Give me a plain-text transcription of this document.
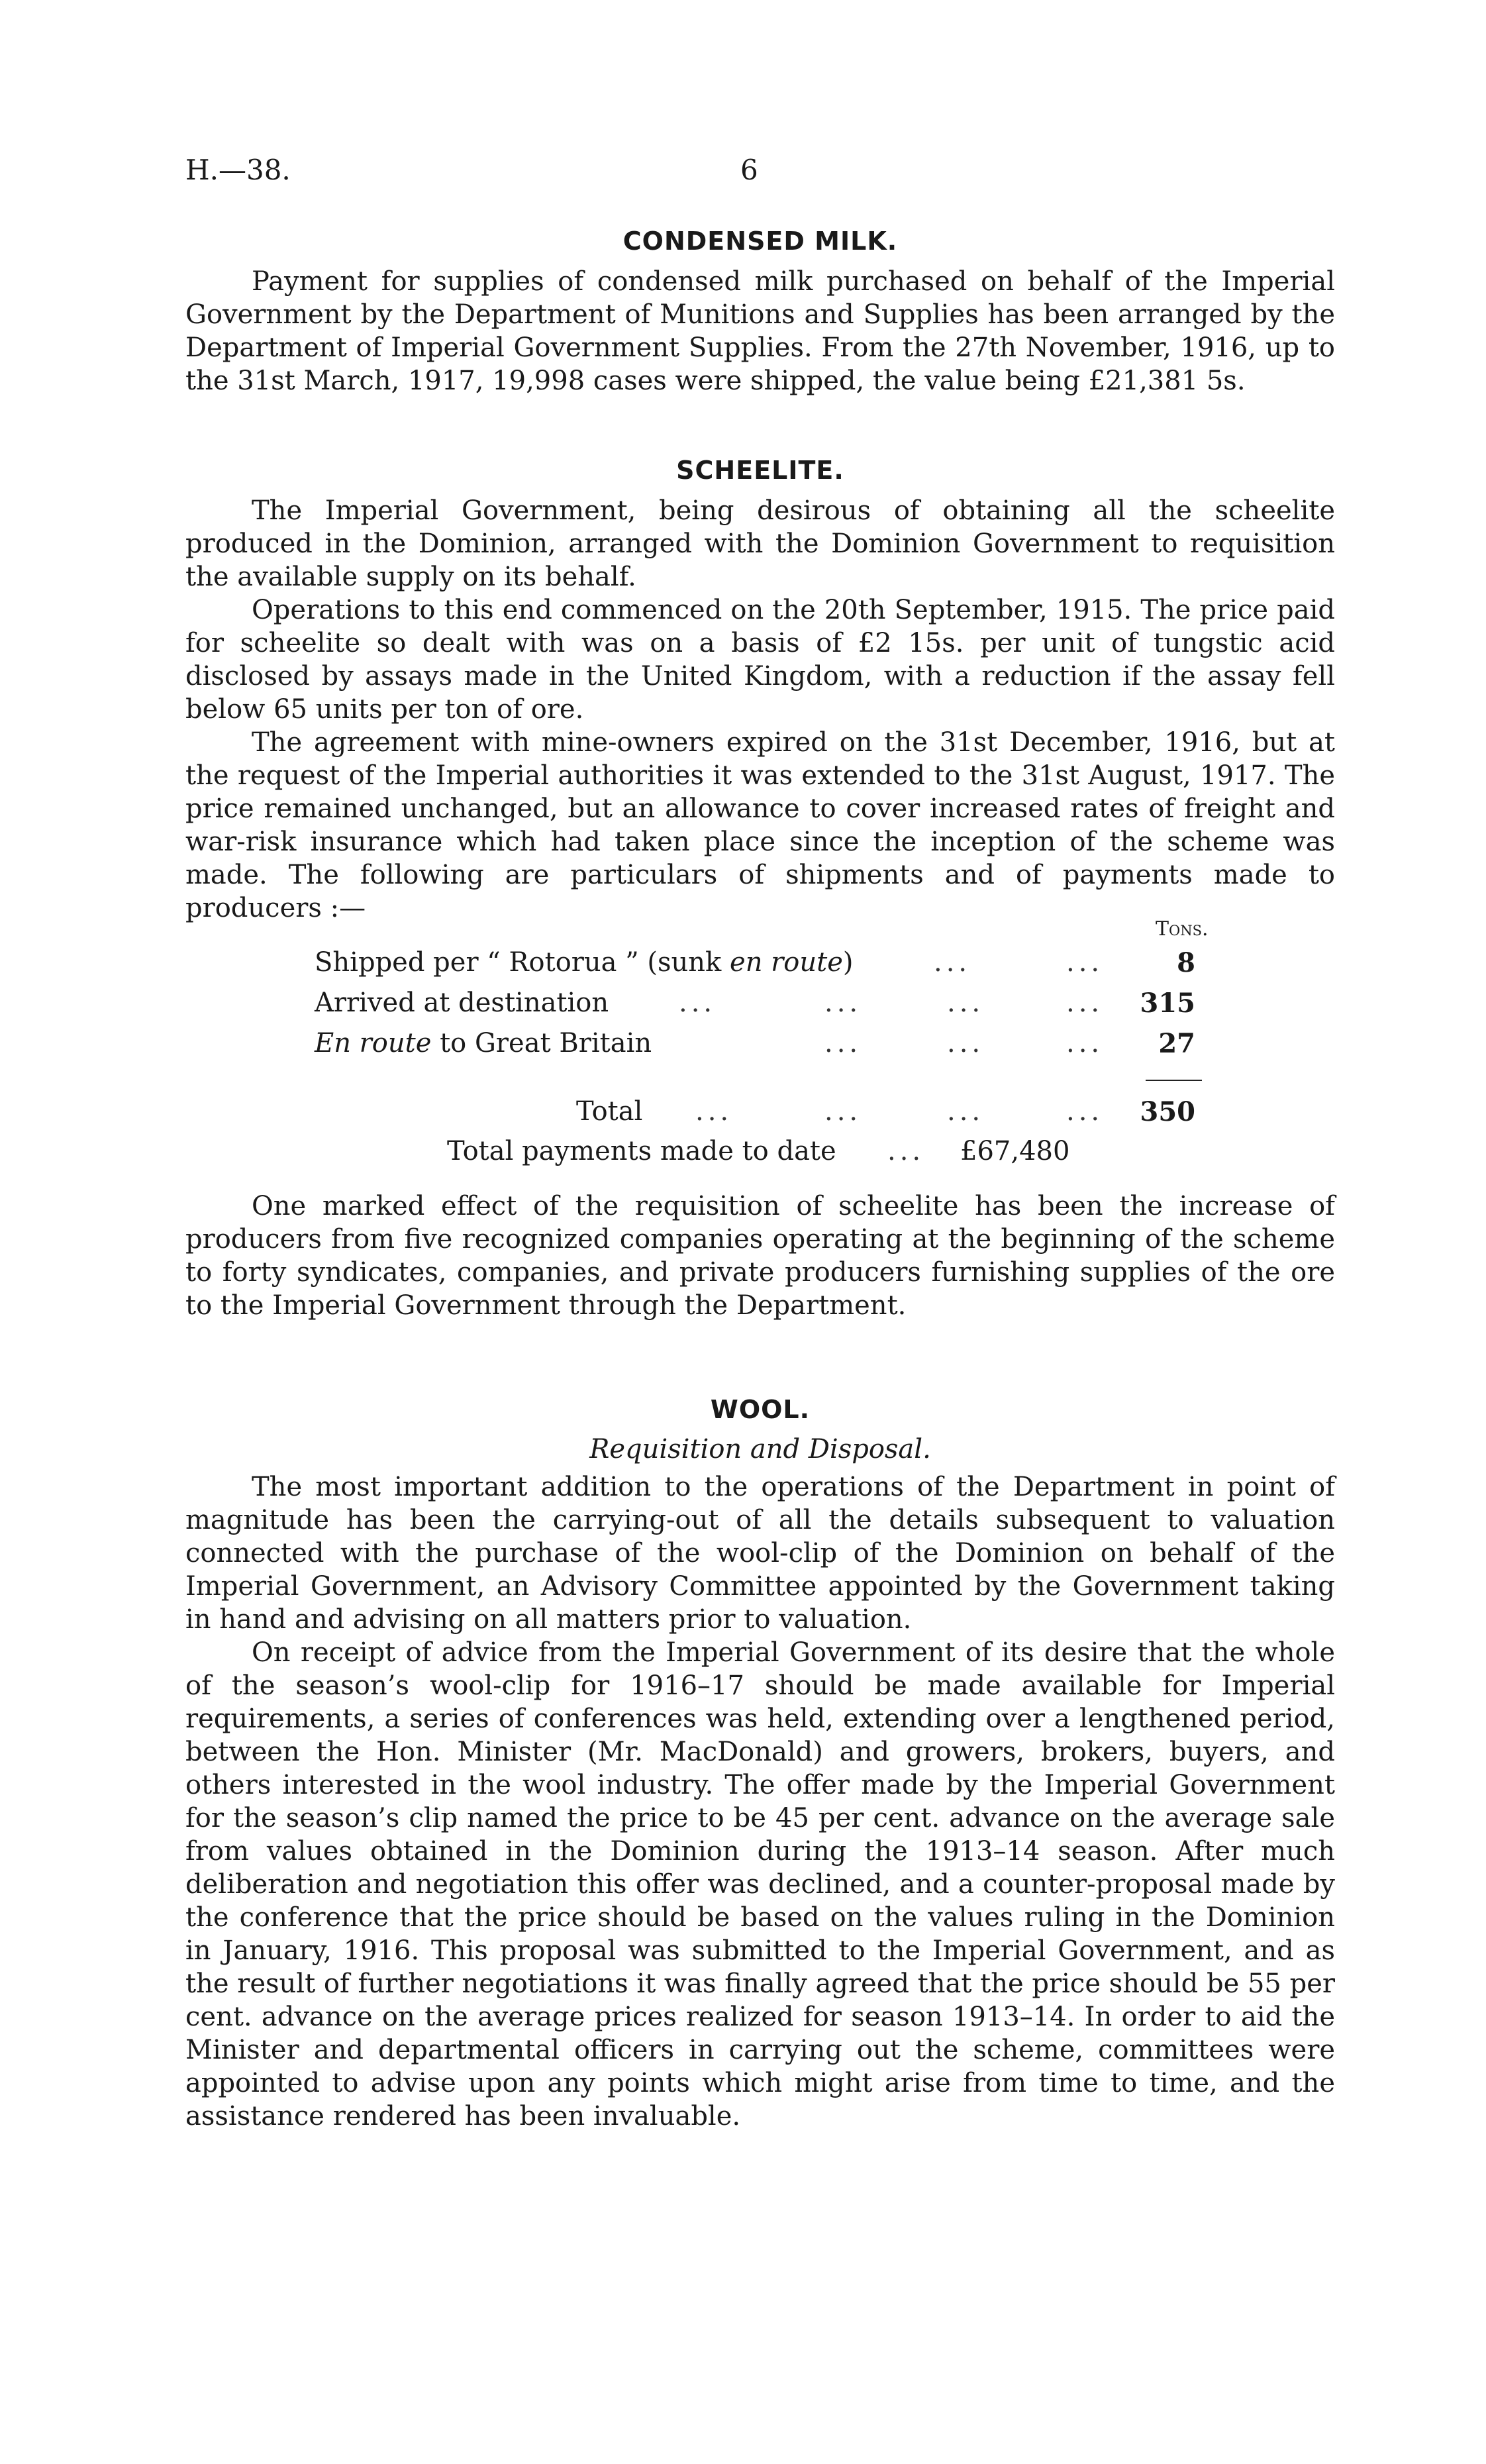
H.—38.	6
CONDENSED MILK.

Payment for supplies of condensed milk purchased on behalf of the Imperial Government by the Department of Munitions and Supplies has been arranged by the Department of Imperial Government Supplies. From the 27th November, 1916, up to the 31st March, 1917, 19,998 cases were shipped, the value being £21,381 5s.

SCHEELITE.

The Imperial Government, being desirous of obtaining all the scheelite produced in the Dominion, arranged with the Dominion Government to requisition the available supply on its behalf.

Operations to this end commenced on the 20th September, 1915. The price paid for scheelite so dealt with was on a basis of £2 15s. per unit of tungstic acid disclosed by assays made in the United Kingdom, with a reduction if the assay fell below 65 units per ton of ore.

The agreement with mine-owners expired on the 31st December, 1916, but at the request of the Imperial authorities it was extended to the 31st August, 1917. The price remained unchanged, but an allowance to cover increased rates of freight and war-risk insurance which had taken place since the inception of the scheme was made. The following are particulars of shipments and of payments made to producers :—

Tons.
Shipped per “ Rotorua ” (sunk en route)	...	...	8
Arrived at destination	...	...	...	... 315
En route to Great Britain	...	...	...	27
Total ...	...	...	... 350
Total payments made to date ... £67,480

One marked effect of the requisition of scheelite has been the increase of producers from five recognized companies operating at the beginning of the scheme to forty syndicates, companies, and private producers furnishing supplies of the ore to the Imperial Government through the Department.

WOOL.
Requisition and Disposal.

The most important addition to the operations of the Department in point of magnitude has been the carrying-out of all the details subsequent to valuation connected with the purchase of the wool-clip of the Dominion on behalf of the Imperial Government, an Advisory Committee appointed by the Government taking in hand and advising on all matters prior to valuation.

On receipt of advice from the Imperial Government of its desire that the whole of the season’s wool-clip for 1916–17 should be made available for Imperial requirements, a series of conferences was held, extending over a lengthened period, between the Hon. Minister (Mr. MacDonald) and growers, brokers, buyers, and others interested in the wool industry. The offer made by the Imperial Government for the season’s clip named the price to be 45 per cent. advance on the average sale from values obtained in the Dominion during the 1913–14 season. After much deliberation and negotiation this offer was declined, and a counter-proposal made by the conference that the price should be based on the values ruling in the Dominion in January, 1916. This proposal was submitted to the Imperial Government, and as the result of further negotiations it was finally agreed that the price should be 55 per cent. advance on the average prices realized for season 1913–14. In order to aid the Minister and departmental officers in carrying out the scheme, committees were appointed to advise upon any points which might arise from time to time, and the assistance rendered has been invaluable.
